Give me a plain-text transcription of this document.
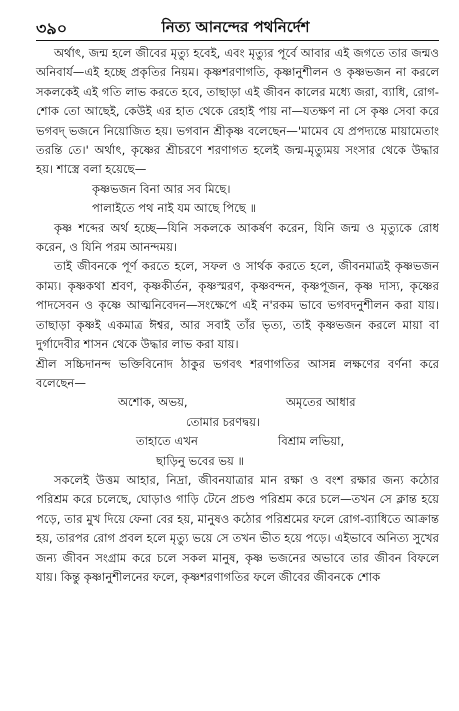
৩৯০	নিত্য আনন্দের পথনির্দেশ

অর্থাৎ, জন্ম হলে জীবের মৃত্যু হবেই, এবং মৃত্যুর পূর্বে আবার এই জগতে তার জন্মও অনিবার্য—এই হচ্ছে প্রকৃতির নিয়ম। কৃষ্ণশরণাগতি, কৃষ্ণানুশীলন ও কৃষ্ণভজন না করলে সকলকেই এই গতি লাভ করতে হবে, তাছাড়া এই জীবন কালের মধ্যে জরা, ব্যাধি, রোগ-শোক তো আছেই, কেউই এর হাত থেকে রেহাই পায় না—যতক্ষণ না সে কৃষ্ণ সেবা করে ভগবদ্ ভজনে নিয়োজিত হয়। ভগবান শ্রীকৃষ্ণ বলেছেন—'মামেব যে প্রপদ্যন্তে মায়ামেতাং তরন্তি তে।' অর্থাৎ, কৃষ্ণের শ্রীচরণে শরণাগত হলেই জন্ম-মৃত্যুময় সংসার থেকে উদ্ধার হয়। শাস্ত্রে বলা হয়েছে—

কৃষ্ণভজন বিনা আর সব মিছে।

পালাইতে পথ নাই যম আছে পিছে ॥

কৃষ্ণ শব্দের অর্থ হচ্ছে—যিনি সকলকে আকর্ষণ করেন, যিনি জন্ম ও মৃত্যুকে রোধ করেন, ও যিনি পরম আনন্দময়।

তাই জীবনকে পূর্ণ করতে হলে, সফল ও সার্থক করতে হলে, জীবনমাত্রই কৃষ্ণভজন কাম্য। কৃষ্ণকথা শ্রবণ, কৃষ্ণকীর্তন, কৃষ্ণস্মরণ, কৃষ্ণবন্দন, কৃষ্ণপূজন, কৃষ্ণ দাস্য, কৃষ্ণের পাদসেবন ও কৃষ্ণে আত্মনিবেদন—সংক্ষেপে এই ন'রকম ভাবে ভগবদনুশীলন করা যায়। তাছাড়া কৃষ্ণই একমাত্র ঈশ্বর, আর সবাই তাঁর ভৃত্য, তাই কৃষ্ণভজন করলে মায়া বা দুর্গাদেবীর শাসন থেকে উদ্ধার লাভ করা যায়।

শ্রীল সচ্চিদানন্দ ভক্তিবিনোদ ঠাকুর ভগবৎ শরণাগতির আসন্ন লক্ষণের বর্ণনা করে বলেছেন—

অশোক, অভয়,	অমৃতের আধার

তোমার চরণদ্বয়।

তাহাতে এখন	বিশ্রাম লভিয়া,

ছাড়িনু ভবের ভয় ॥

সকলেই উত্তম আহার, নিদ্রা, জীবনযাত্রার মান রক্ষা ও বংশ রক্ষার জন্য কঠোর পরিশ্রম করে চলেছে, ঘোড়াও গাড়ি টেনে প্রচণ্ড পরিশ্রম করে চলে—তখন সে ক্লান্ত হয়ে পড়ে, তার মুখ দিয়ে ফেনা বের হয়, মানুষও কঠোর পরিশ্রমের ফলে রোগ-ব্যাধিতে আক্রান্ত হয়, তারপর রোগ প্রবল হলে মৃত্যু ভয়ে সে তখন ভীত হয়ে পড়ে। এইভাবে অনিত্য সুখের জন্য জীবন সংগ্রাম করে চলে সকল মানুষ, কৃষ্ণ ভজনের অভাবে তার জীবন বিফলে যায়। কিন্তু কৃষ্ণানুশীলনের ফলে, কৃষ্ণশরণাগতির ফলে জীবের জীবনকে শোক
